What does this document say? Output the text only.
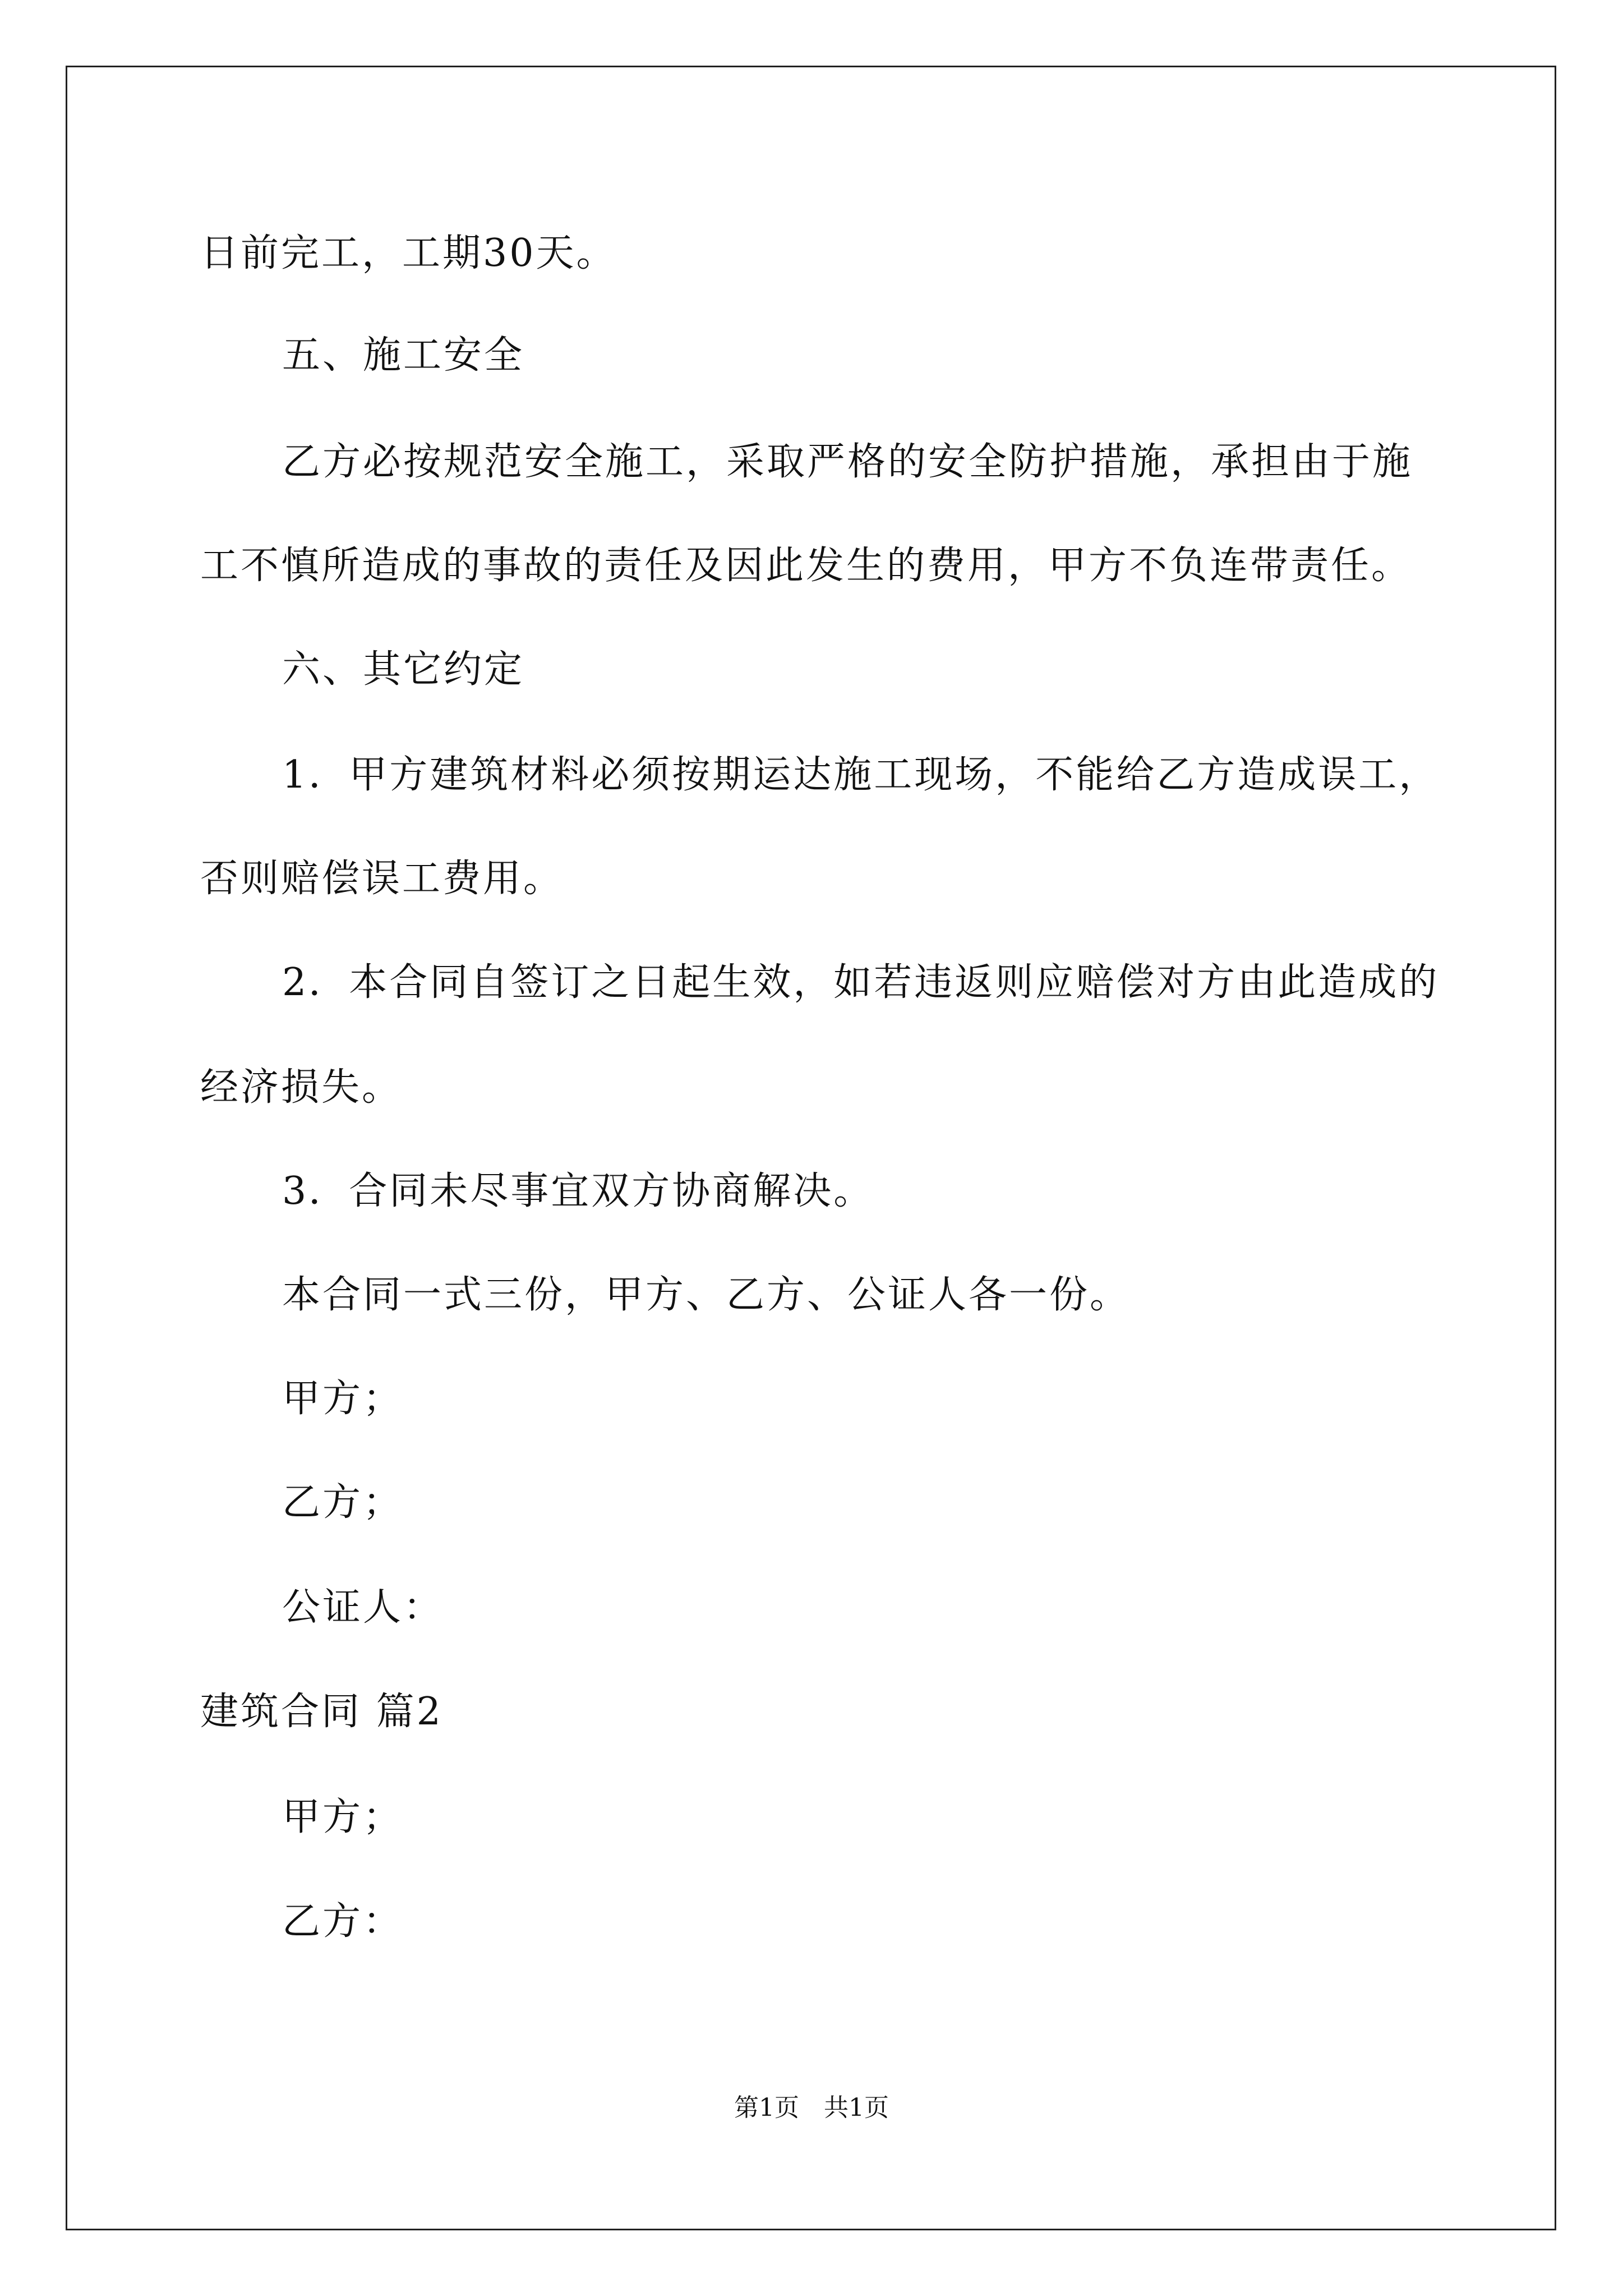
日前完工，工期30天。
五、施工安全
乙方必按规范安全施工，采取严格的安全防护措施，承担由于施
工不慎所造成的事故的责任及因此发生的费用，甲方不负连带责任。
六、其它约定
1．甲方建筑材料必须按期运达施工现场，不能给乙方造成误工，
否则赔偿误工费用。
2．本合同自签订之日起生效，如若违返则应赔偿对方由此造成的
经济损失。
3．合同未尽事宜双方协商解决。
本合同一式三份，甲方、乙方、公证人各一份。
甲方；
乙方；
公证人：
建筑合同 篇2
甲方；
乙方：
第1页　共1页
